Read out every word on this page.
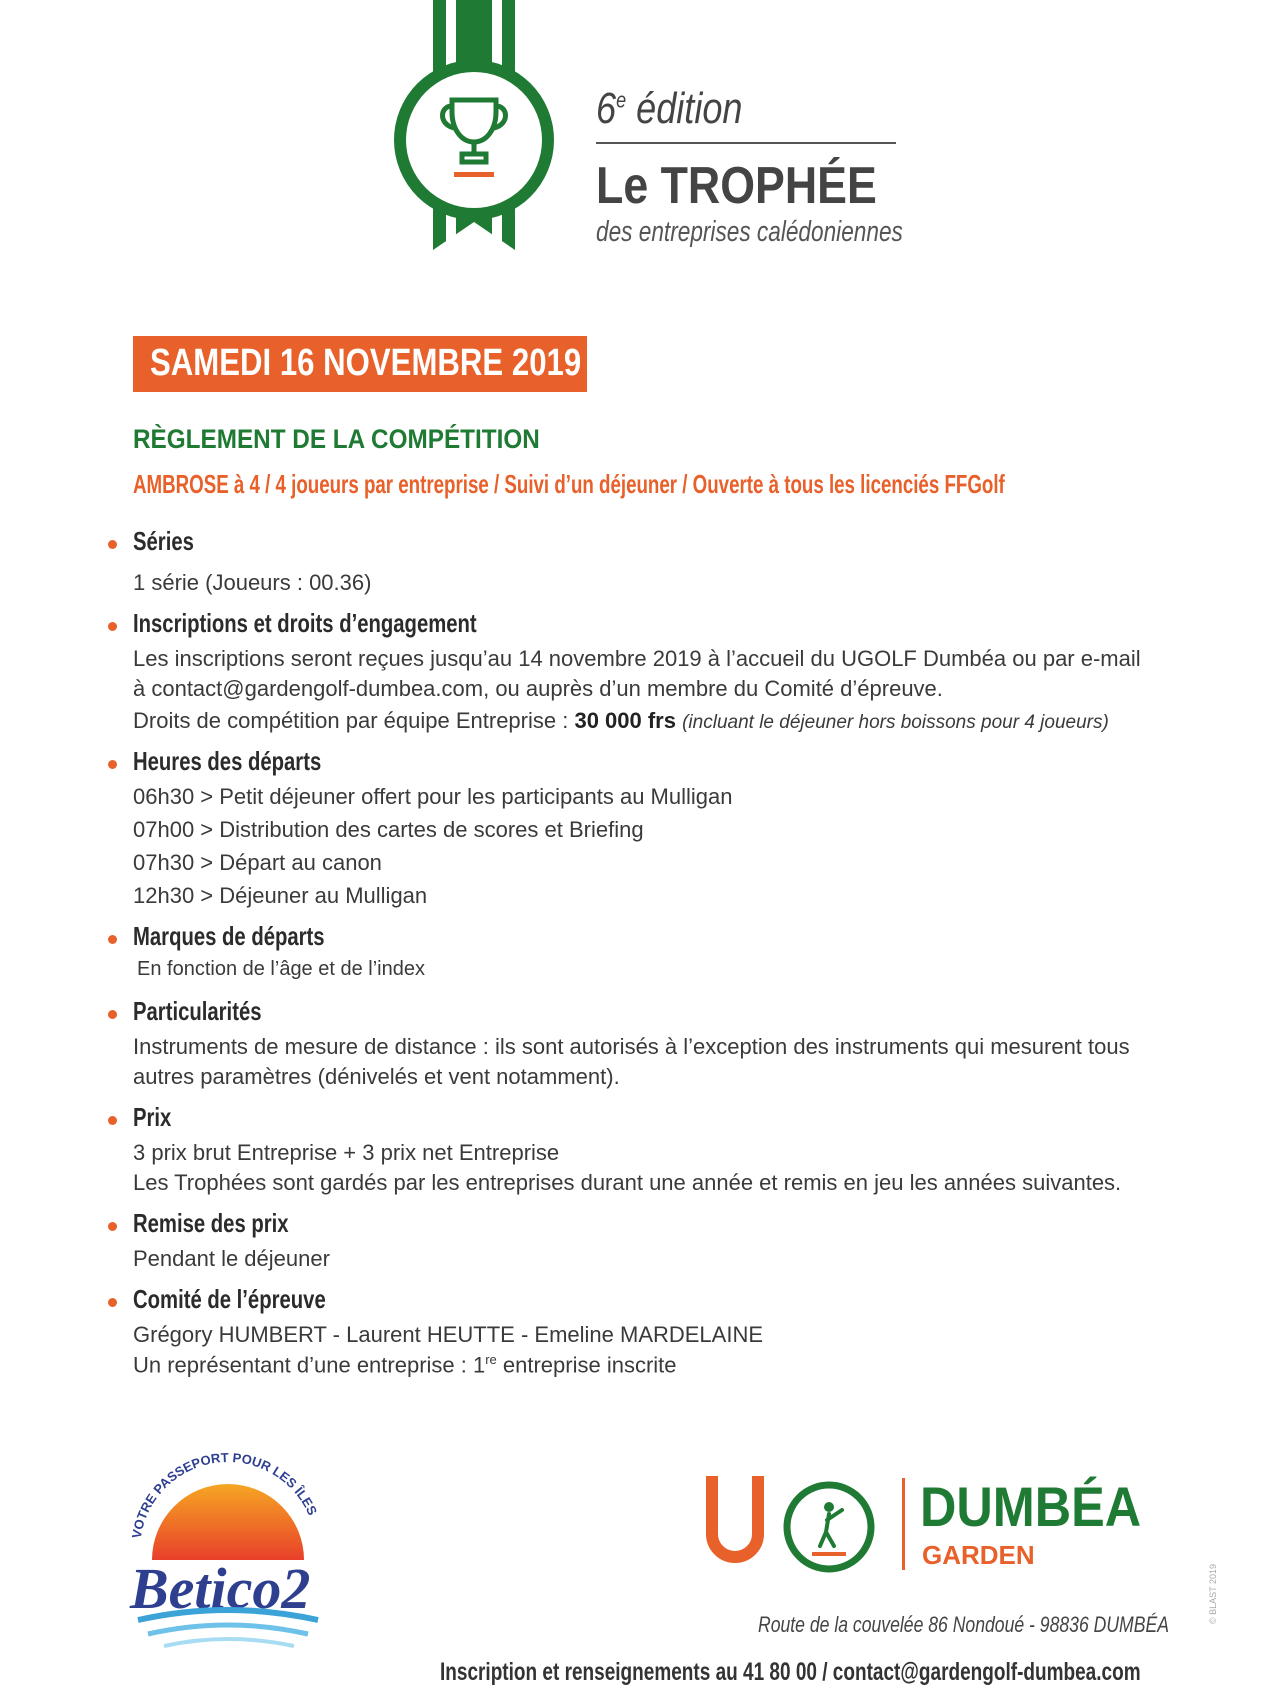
6e édition
Le TROPHÉE
des entreprises calédoniennes
SAMEDI 16 NOVEMBRE 2019
RÈGLEMENT DE LA COMPÉTITION
AMBROSE à 4 / 4 joueurs par entreprise / Suivi d’un déjeuner / Ouverte à tous les licenciés FFGolf
Séries
1 série (Joueurs : 00.36)
Inscriptions et droits d’engagement
Les inscriptions seront reçues jusqu’au 14 novembre 2019 à l’accueil du UGOLF Dumbéa ou par e-mail
à contact@gardengolf-dumbea.com, ou auprès d’un membre du Comité d’épreuve.
Droits de compétition par équipe Entreprise : 30 000 frs (incluant le déjeuner hors boissons pour 4 joueurs)
Heures des départs
06h30 > Petit déjeuner offert pour les participants au Mulligan
07h00 > Distribution des cartes de scores et Briefing
07h30 > Départ au canon
12h30 > Déjeuner au Mulligan
Marques de départs
En fonction de l’âge et de l’index
Particularités
Instruments de mesure de distance : ils sont autorisés à l’exception des instruments qui mesurent tous
autres paramètres (dénivelés et vent notamment).
Prix
3 prix brut Entreprise + 3 prix net Entreprise
Les Trophées sont gardés par les entreprises durant une année et remis en jeu les années suivantes.
Remise des prix
Pendant le déjeuner
Comité de l’épreuve
Grégory HUMBERT - Laurent HEUTTE - Emeline MARDELAINE
Un représentant d’une entreprise : 1re entreprise inscrite
VOTRE PASSEPORT POUR LES ÎLES
Betico2
DUMBÉA
GARDEN
Route de la couvelée 86 Nondoué - 98836 DUMBÉA
Inscription et renseignements au 41 80 00 / contact@gardengolf-dumbea.com
© BLAST 2019
